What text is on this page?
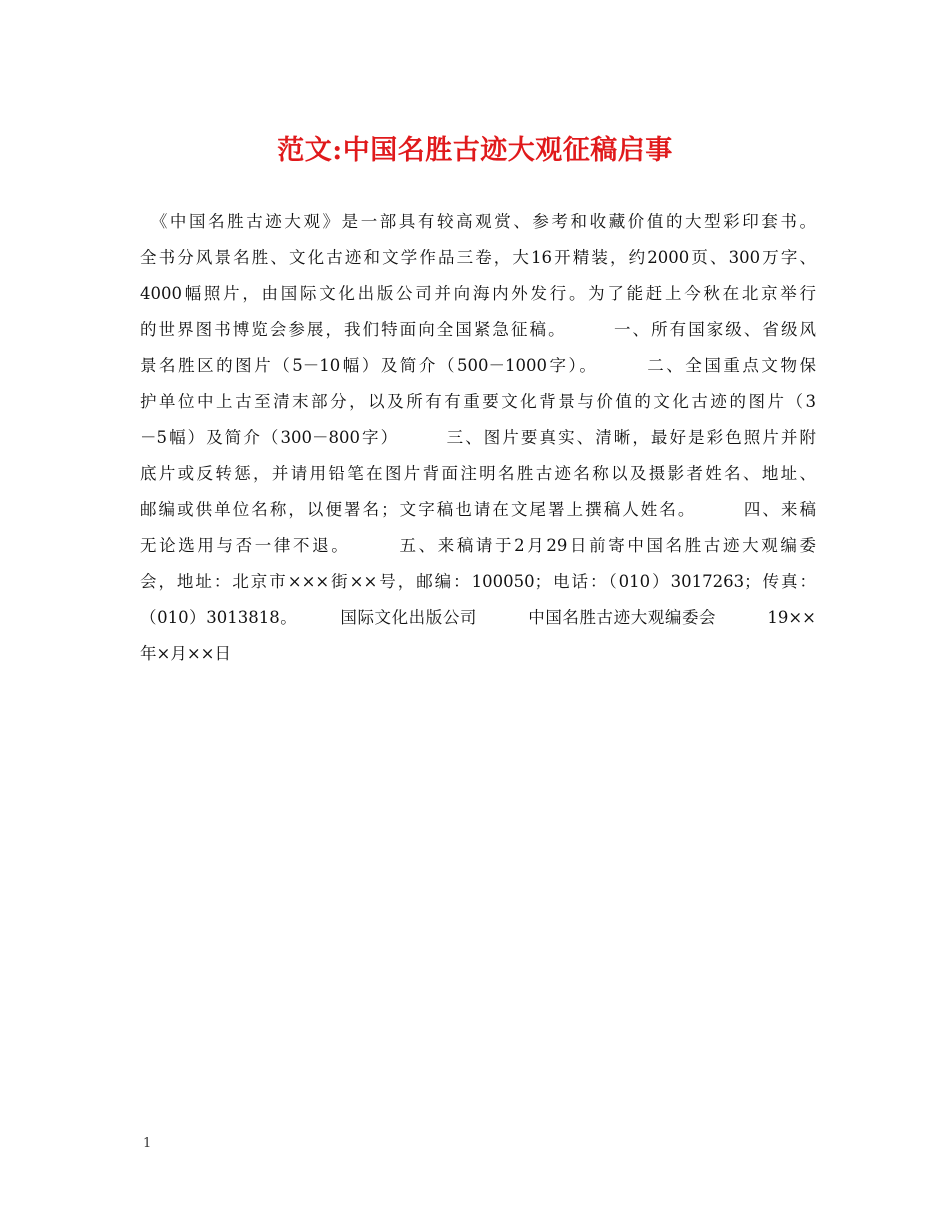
范文:中国名胜古迹大观征稿启事
　《中国名胜古迹大观》是一部具有较高观赏、参考和收藏价值的大型彩印套书。
全书分风景名胜、文化古迹和文学作品三卷，大16开精装，约2000页、300万字、
4000幅照片，由国际文化出版公司并向海内外发行。为了能赶上今秋在北京举行
的世界图书博览会参展，我们特面向全国紧急征稿。　　　一、所有国家级、省级风
景名胜区的图片（5－10幅）及简介（500－1000字）。　　　二、全国重点文物保
护单位中上古至清末部分，以及所有有重要文化背景与价值的文化古迹的图片（3
－5幅）及简介（300－800字）　　　三、图片要真实、清晰，最好是彩色照片并附
底片或反转惩，并请用铅笔在图片背面注明名胜古迹名称以及摄影者姓名、地址、
邮编或供单位名称，以便署名；文字稿也请在文尾署上撰稿人姓名。　　　四、来稿
无论选用与否一律不退。　　　五、来稿请于2月29日前寄中国名胜古迹大观编委
会，地址：北京市×××街××号，邮编：100050；电话：（010）3017263；传真：
（010）3013818。　　　国际文化出版公司　　　中国名胜古迹大观编委会　　　19××
年×月××日
1
